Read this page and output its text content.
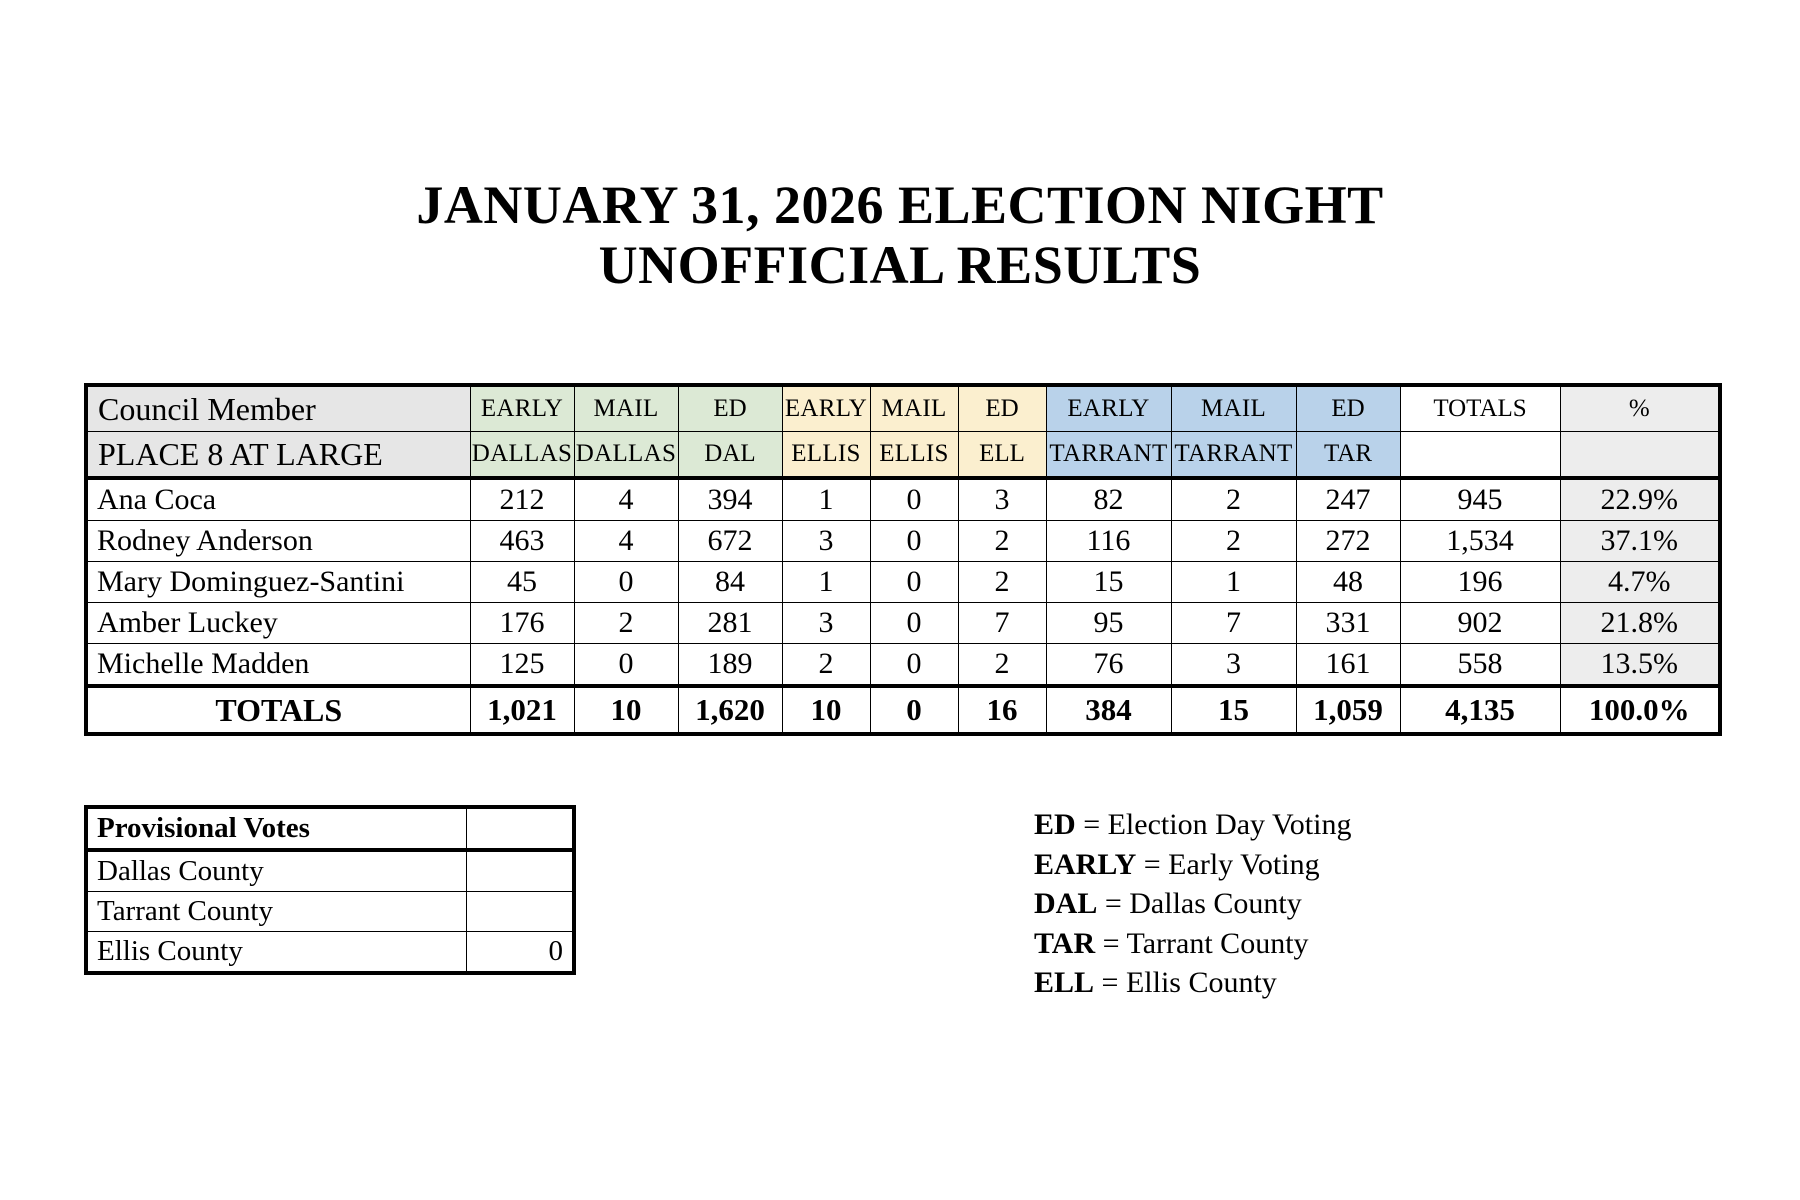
JANUARY 31, 2026 ELECTION NIGHT
UNOFFICIAL RESULTS
Council Member	EARLY	MAIL	ED	EARLY	MAIL	ED	EARLY	MAIL	ED	TOTALS	%
PLACE 8 AT LARGE	DALLAS	DALLAS	DAL	ELLIS	ELLIS	ELL	TARRANT	TARRANT	TAR		
Ana Coca	212	4	394	1	0	3	82	2	247	945	22.9%
Rodney Anderson	463	4	672	3	0	2	116	2	272	1,534	37.1%
Mary Dominguez-Santini	45	0	84	1	0	2	15	1	48	196	4.7%
Amber Luckey	176	2	281	3	0	7	95	7	331	902	21.8%
Michelle Madden	125	0	189	2	0	2	76	3	161	558	13.5%
TOTALS	1,021	10	1,620	10	0	16	384	15	1,059	4,135	100.0%
Provisional Votes	
Dallas County	
Tarrant County	
Ellis County	0
ED = Election Day Voting
EARLY = Early Voting
DAL = Dallas County
TAR = Tarrant County
ELL = Ellis County
